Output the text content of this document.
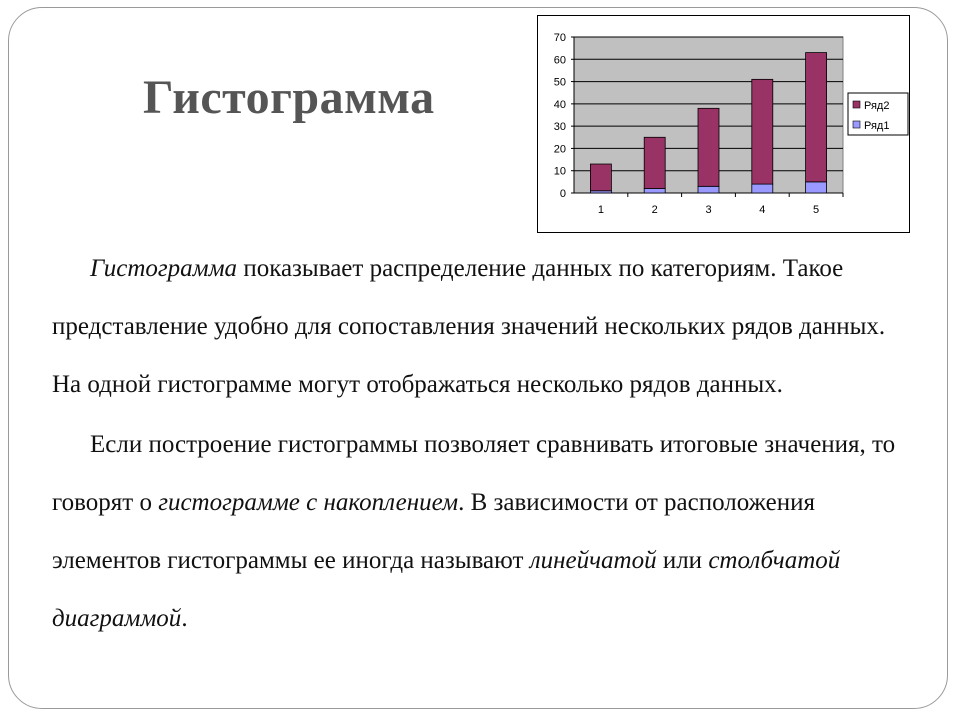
Гистограмма
0
10
20
30
40
50
60
70
1	2	3	4	5
Ряд2
Ряд1

Гистограмма показывает распределение данных по категориям. Такое представление удобно для сопоставления значений нескольких рядов данных. На одной гистограмме могут отображаться несколько рядов данных.

Если построение гистограммы позволяет сравнивать итоговые значения, то говорят о гистограмме с накоплением. В зависимости от расположения элементов гистограммы ее иногда называют линейчатой или столбчатой диаграммой.
